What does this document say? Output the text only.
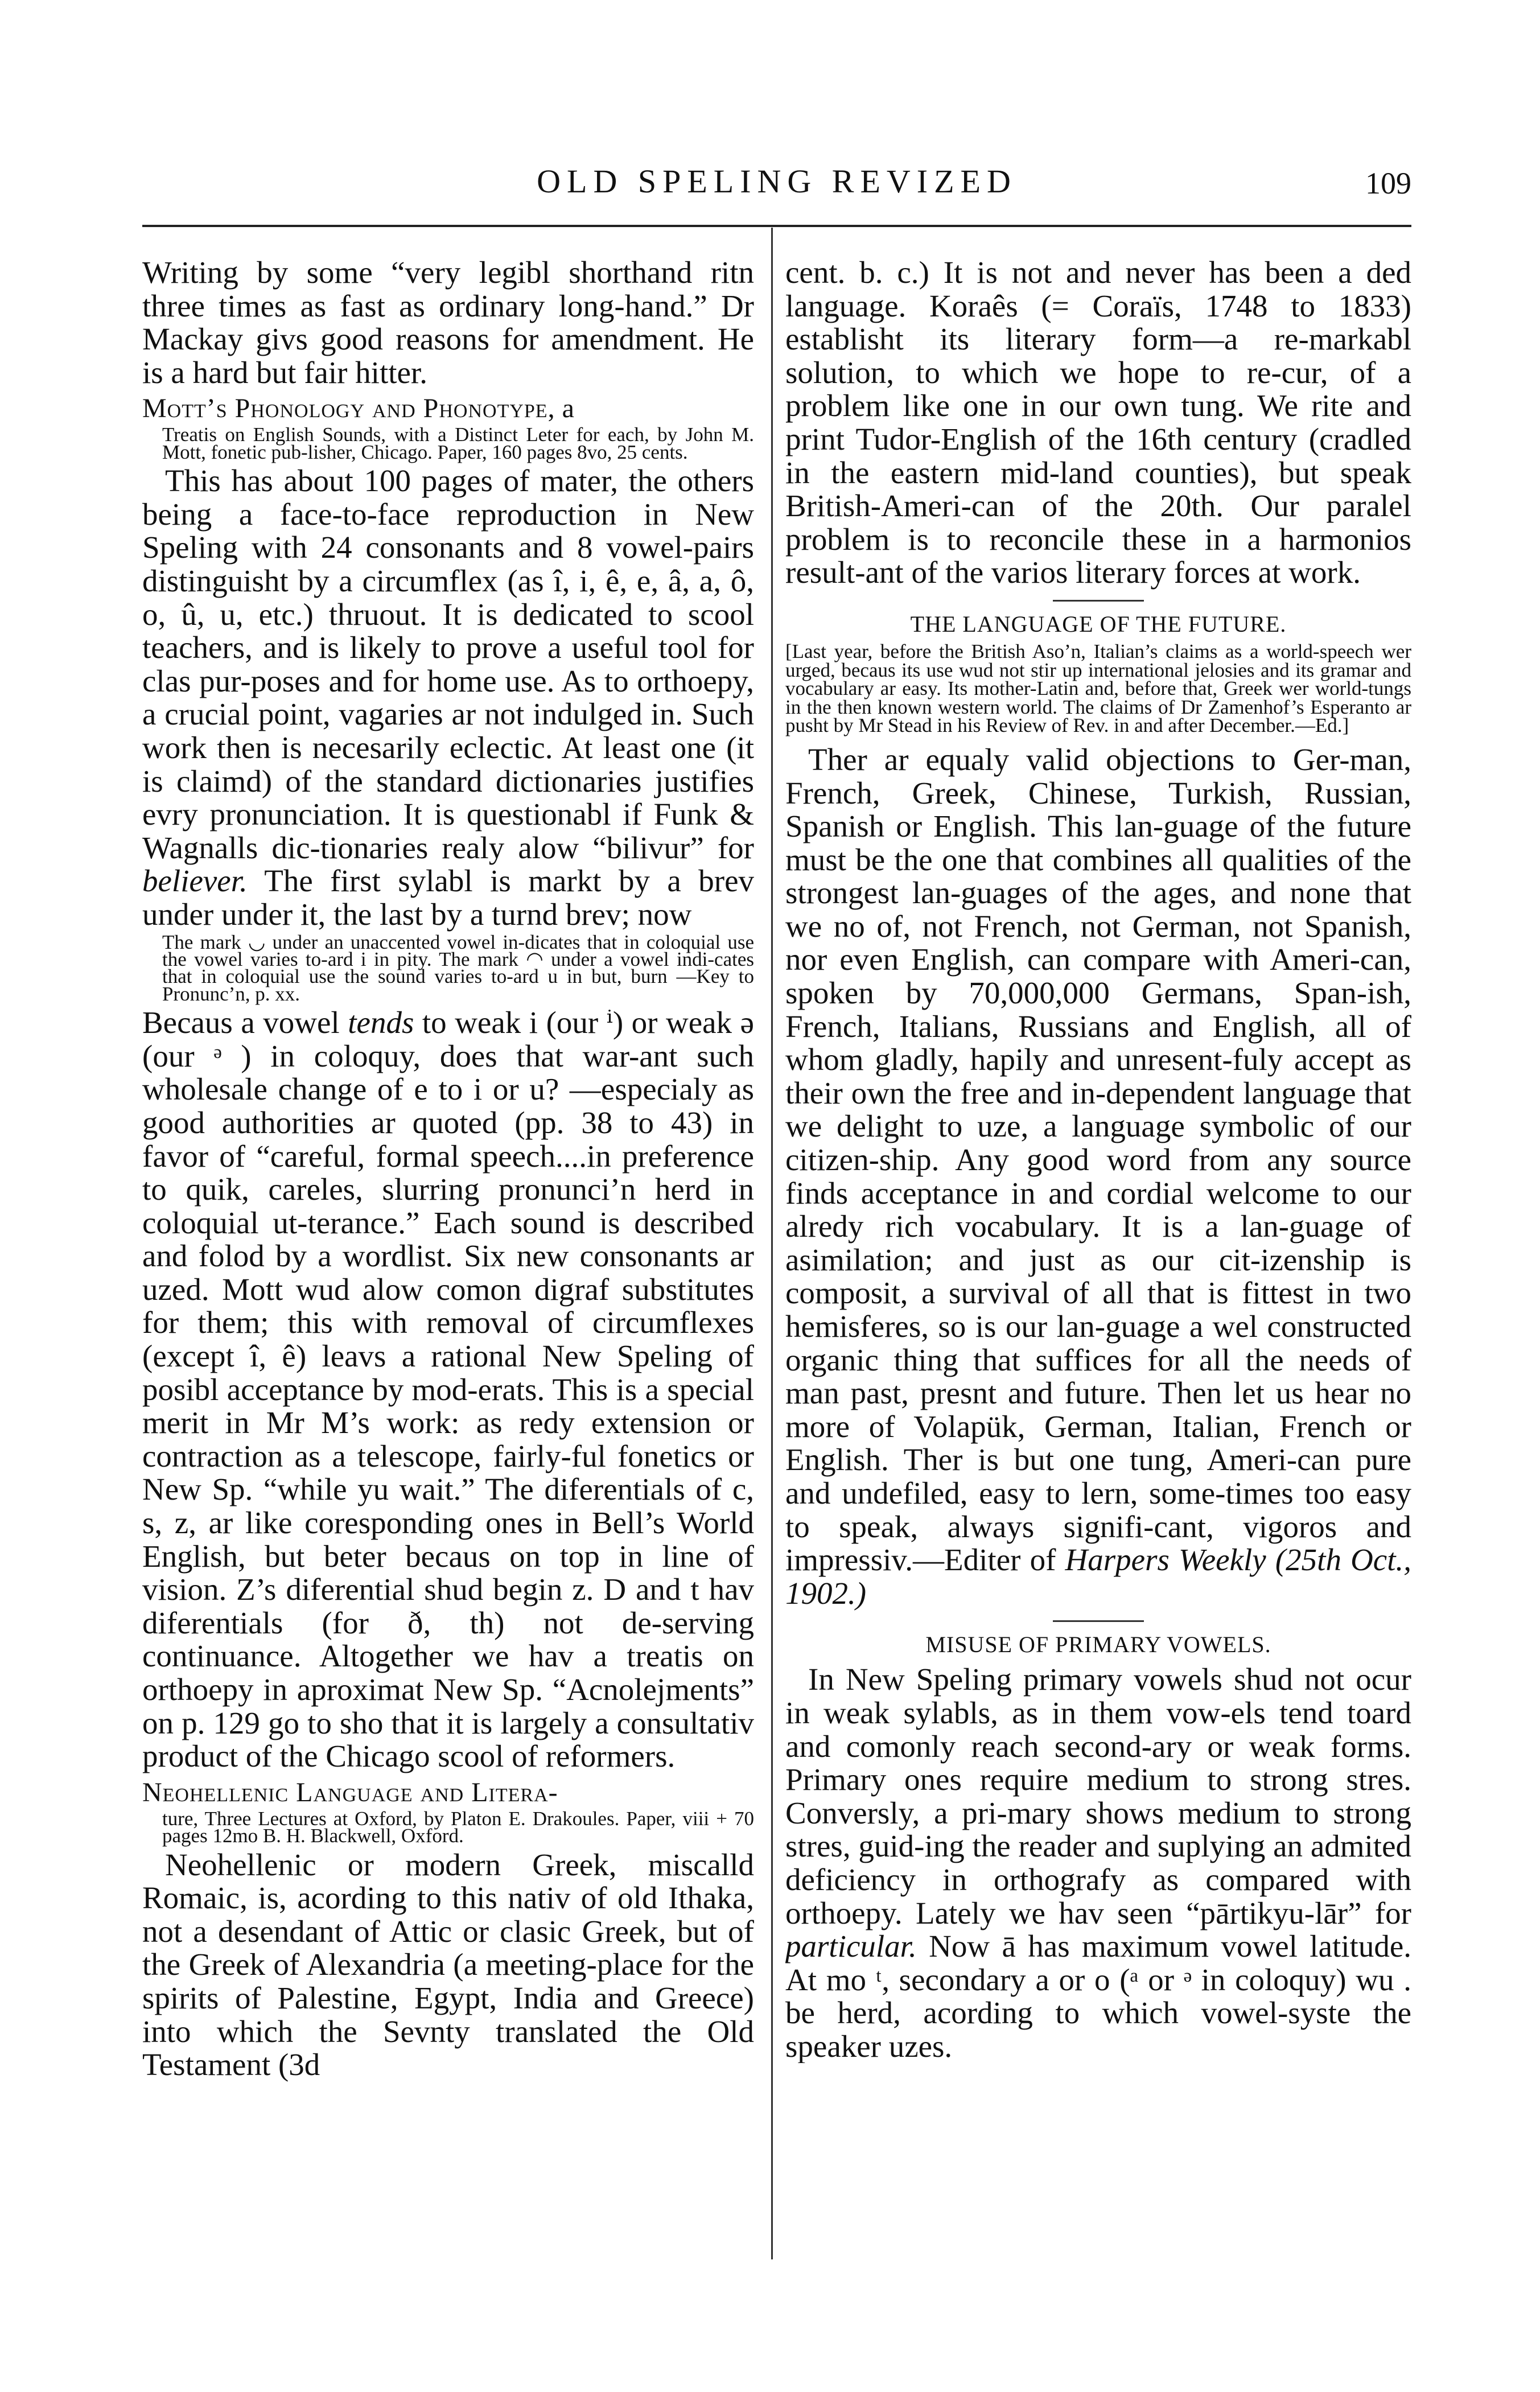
OLD SPELING REVIZED	109

Writing by some “very legibl shorthand ritn three times as fast as ordinary long-hand.” Dr Mackay givs good reasons for amendment. He is a hard but fair hitter.

Mott’s Phonology and Phonotype, a

Treatis on English Sounds, with a Distinct Leter for each, by John M. Mott, fonetic pub-lisher, Chicago. Paper, 160 pages 8vo, 25 cents.

This has about 100 pages of mater, the others being a face-to-face reproduction in New Speling with 24 consonants and 8 vowel-pairs distinguisht by a circumflex (as î, i, ê, e, â, a, ô, o, û, u, etc.) thruout. It is dedicated to scool teachers, and is likely to prove a useful tool for clas pur-poses and for home use. As to orthoepy, a crucial point, vagaries ar not indulged in. Such work then is necesarily eclectic. At least one (it is claimd) of the standard dictionaries justifies evry pronunciation. It is questionabl if Funk & Wagnalls dic-tionaries realy alow “bilivur” for believer. The first sylabl is markt by a brev under under it, the last by a turnd brev; now

The mark ◡ under an unaccented vowel in-dicates that in coloquial use the vowel varies to-ard i in pity. The mark ◠ under a vowel indi-cates that in coloquial use the sound varies to-ard u in but, burn —Key to Pronunc’n, p. xx.

Becaus a vowel tends to weak i (our ⁱ) or weak ə (our ᵊ ) in coloquy, does that war-ant such wholesale change of e to i or u? —especialy as good authorities ar quoted (pp. 38 to 43) in favor of “careful, formal speech....in preference to quik, careles, slurring pronunci’n herd in coloquial ut-terance.” Each sound is described and folod by a wordlist. Six new consonants ar uzed. Mott wud alow comon digraf substitutes for them; this with removal of circumflexes (except î, ê) leavs a rational New Speling of posibl acceptance by mod-erats. This is a special merit in Mr M’s work: as redy extension or contraction as a telescope, fairly-ful fonetics or New Sp. “while yu wait.” The diferentials of c, s, z, ar like coresponding ones in Bell’s World English, but beter becaus on top in line of vision. Z’s diferential shud begin z. D and t hav diferentials (for ð, th) not de-serving continuance. Altogether we hav a treatis on orthoepy in aproximat New Sp. “Acnolejments” on p. 129 go to sho that it is largely a consultativ product of the Chicago scool of reformers.

Neohellenic Language and Litera-

ture, Three Lectures at Oxford, by Platon E. Drakoules. Paper, viii + 70 pages 12mo B. H. Blackwell, Oxford.

Neohellenic or modern Greek, miscalld Romaic, is, acording to this nativ of old Ithaka, not a desendant of Attic or clasic Greek, but of the Greek of Alexandria (a meeting-place for the spirits of Palestine, Egypt, India and Greece) into which the Sevnty translated the Old Testament (3d

cent. b. c.) It is not and never has been a ded language. Koraês (= Coraïs, 1748 to 1833) establisht its literary form—a re-markabl solution, to which we hope to re-cur, of a problem like one in our own tung. We rite and print Tudor-English of the 16th century (cradled in the eastern mid-land counties), but speak British-Ameri-can of the 20th. Our paralel problem is to reconcile these in a harmonios result-ant of the varios literary forces at work.

THE LANGUAGE OF THE FUTURE.

[Last year, before the British Aso’n, Italian’s claims as a world-speech wer urged, becaus its use wud not stir up international jelosies and its gramar and vocabulary ar easy. Its mother-Latin and, before that, Greek wer world-tungs in the then known western world. The claims of Dr Zamenhof’s Esperanto ar pusht by Mr Stead in his Review of Rev. in and after December.—Ed.]

Ther ar equaly valid objections to Ger-man, French, Greek, Chinese, Turkish, Russian, Spanish or English. This lan-guage of the future must be the one that combines all qualities of the strongest lan-guages of the ages, and none that we no of, not French, not German, not Spanish, nor even English, can compare with Ameri-can, spoken by 70,000,000 Germans, Span-ish, French, Italians, Russians and English, all of whom gladly, hapily and unresent-fuly accept as their own the free and in-dependent language that we delight to uze, a language symbolic of our citizen-ship. Any good word from any source finds acceptance in and cordial welcome to our alredy rich vocabulary. It is a lan-guage of asimilation; and just as our cit-izenship is composit, a survival of all that is fittest in two hemisferes, so is our lan-guage a wel constructed organic thing that suffices for all the needs of man past, presnt and future. Then let us hear no more of Volapük, German, Italian, French or English. Ther is but one tung, Ameri-can pure and undefiled, easy to lern, some-times too easy to speak, always signifi-cant, vigoros and impressiv.—Editer of Harpers Weekly (25th Oct., 1902.)

MISUSE OF PRIMARY VOWELS.

In New Speling primary vowels shud not ocur in weak sylabls, as in them vow-els tend toard and comonly reach second-ary or weak forms. Primary ones require medium to strong stres. Conversly, a pri-mary shows medium to strong stres, guid-ing the reader and suplying an admited deficiency in orthografy as compared with orthoepy. Lately we hav seen “pārtikyu-lār” for particular. Now ā has maximum vowel latitude. At mo ᵗ, secondary a or o (ᵃ or ᵊ in coloquy) wu . be herd, acording to which vowel-syste the speaker uzes.
